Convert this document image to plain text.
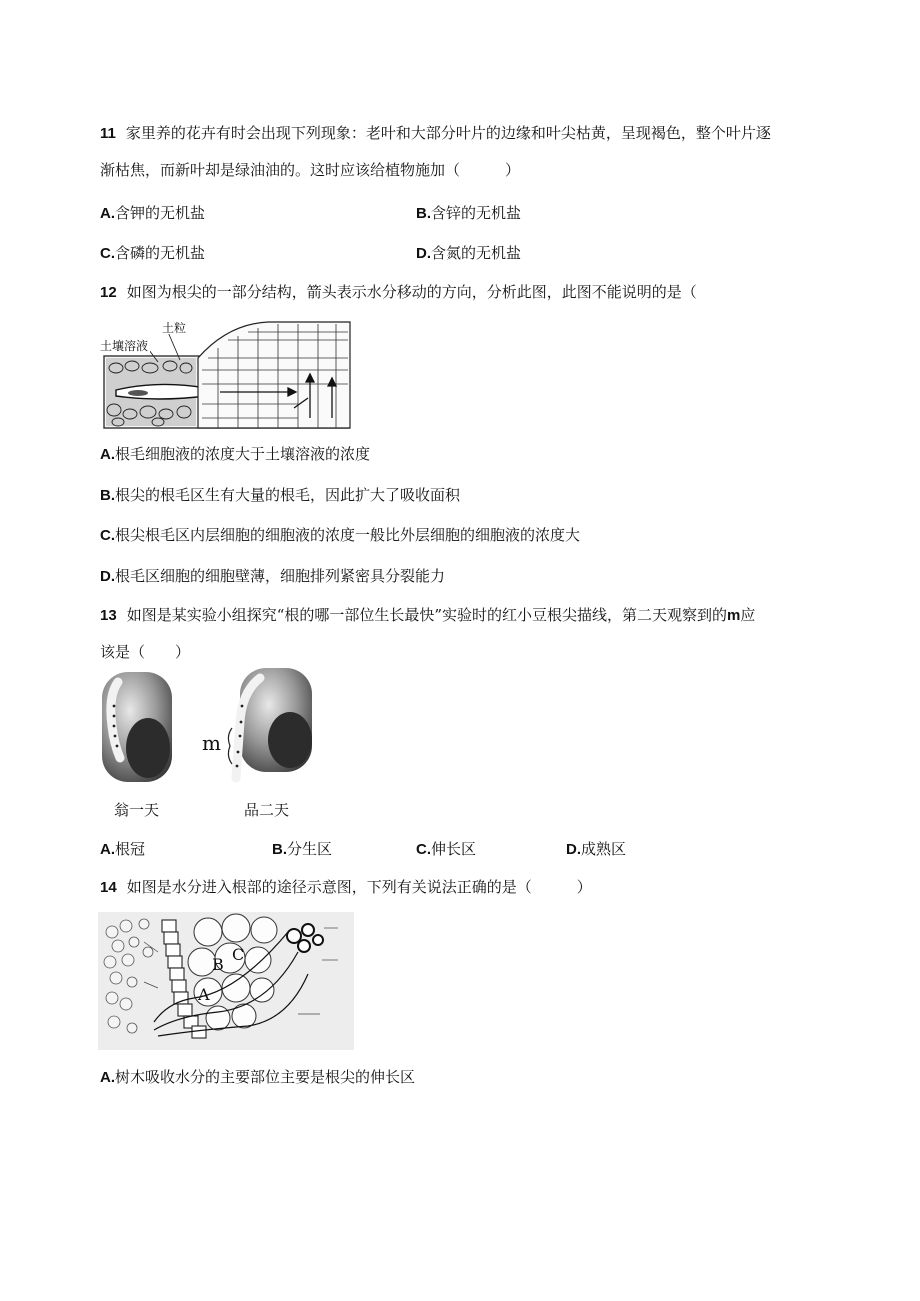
11 家里养的花卉有时会出现下列现象：老叶和大部分叶片的边缘和叶尖枯黄，呈现褐色，整个叶片逐
渐枯焦，而新叶却是绿油油的。这时应该给植物施加（　　　）
A.含钾的无机盐	B.含锌的无机盐
C.含磷的无机盐	D.含氮的无机盐
12 如图为根尖的一部分结构，箭头表示水分移动的方向，分析此图，此图不能说明的是（
土壤溶液
土粒
A.根毛细胞液的浓度大于土壤溶液的浓度
B.根尖的根毛区生有大量的根毛，因此扩大了吸收面积
C.根尖根毛区内层细胞的细胞液的浓度一般比外层细胞的细胞液的浓度大
D.根毛区细胞的细胞壁薄，细胞排列紧密具分裂能力
13 如图是某实验小组探究“根的哪一部位生长最快”实验时的红小豆根尖描线，第二天观察到的m应
该是（　　）
m
翁一天	品二天
A.根冠	B.分生区	C.伸长区	D.成熟区
14 如图是水分进入根部的途径示意图，下列有关说法正确的是（　　　）
A
B
C
A.树木吸收水分的主要部位主要是根尖的伸长区
